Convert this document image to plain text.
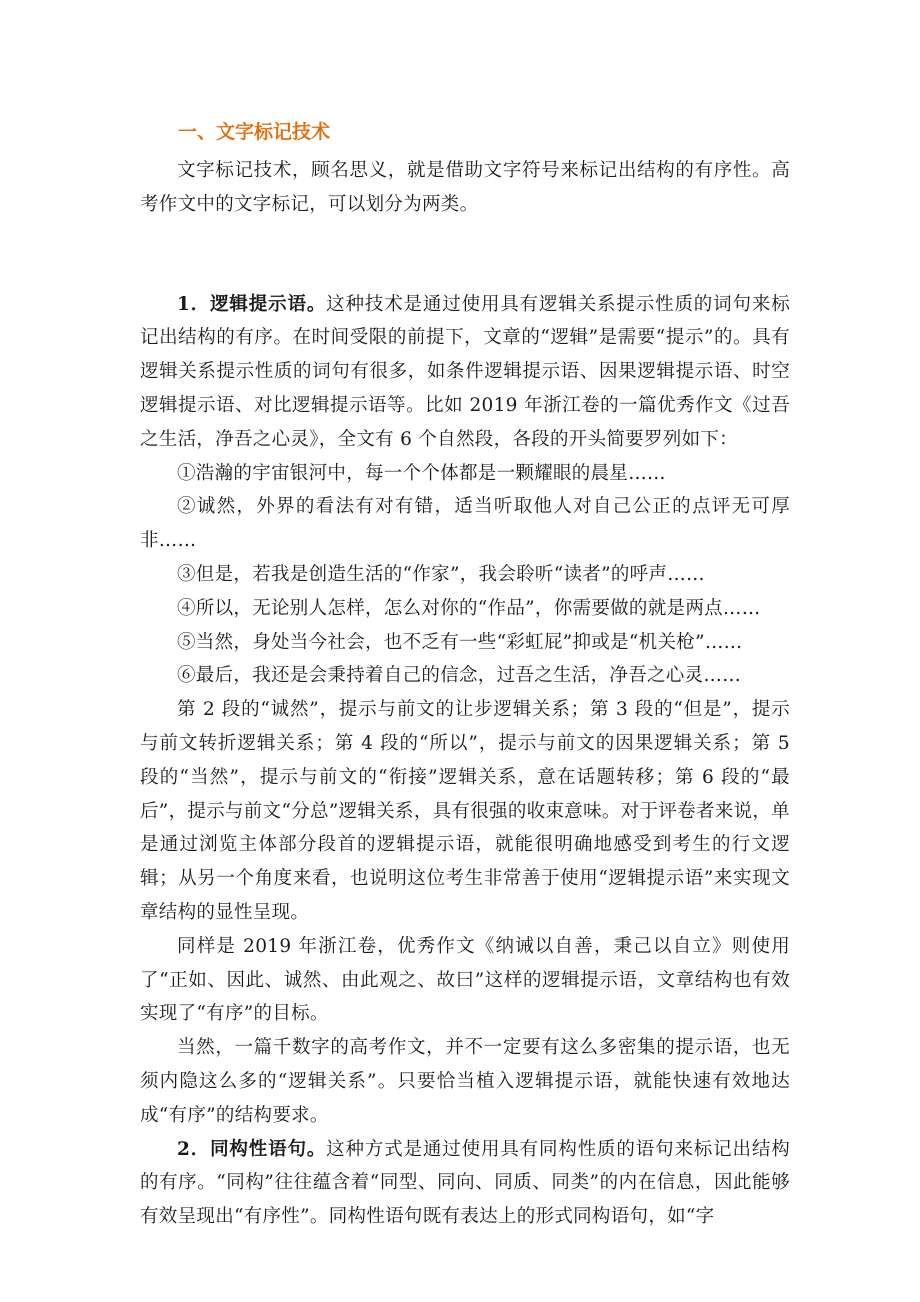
一、文字标记技术

文字标记技术，顾名思义，就是借助文字符号来标记出结构的有序性。高考作文中的文字标记，可以划分为两类。

1．逻辑提示语。这种技术是通过使用具有逻辑关系提示性质的词句来标记出结构的有序。在时间受限的前提下，文章的“逻辑”是需要“提示”的。具有逻辑关系提示性质的词句有很多，如条件逻辑提示语、因果逻辑提示语、时空逻辑提示语、对比逻辑提示语等。比如 2019 年浙江卷的一篇优秀作文《过吾之生活，净吾之心灵》，全文有 6 个自然段，各段的开头简要罗列如下：

①浩瀚的宇宙银河中，每一个个体都是一颗耀眼的晨星……

②诚然，外界的看法有对有错，适当听取他人对自己公正的点评无可厚非……

③但是，若我是创造生活的“作家”，我会聆听“读者”的呼声……

④所以，无论别人怎样，怎么对你的“作品”，你需要做的就是两点……

⑤当然，身处当今社会，也不乏有一些“彩虹屁”抑或是“机关枪”……

⑥最后，我还是会秉持着自己的信念，过吾之生活，净吾之心灵……

第 2 段的“诚然”，提示与前文的让步逻辑关系；第 3 段的“但是”，提示与前文转折逻辑关系；第 4 段的“所以”，提示与前文的因果逻辑关系；第 5 段的“当然”，提示与前文的“衔接”逻辑关系，意在话题转移；第 6 段的“最后”，提示与前文“分总”逻辑关系，具有很强的收束意味。对于评卷者来说，单是通过浏览主体部分段首的逻辑提示语，就能很明确地感受到考生的行文逻辑；从另一个角度来看，也说明这位考生非常善于使用“逻辑提示语”来实现文章结构的显性呈现。

同样是 2019 年浙江卷，优秀作文《纳诫以自善，秉己以自立》则使用了“正如、因此、诚然、由此观之、故曰”这样的逻辑提示语，文章结构也有效实现了“有序”的目标。

当然，一篇千数字的高考作文，并不一定要有这么多密集的提示语，也无须内隐这么多的“逻辑关系”。只要恰当植入逻辑提示语，就能快速有效地达成“有序”的结构要求。

2．同构性语句。这种方式是通过使用具有同构性质的语句来标记出结构的有序。“同构”往往蕴含着“同型、同向、同质、同类”的内在信息，因此能够有效呈现出“有序性”。同构性语句既有表达上的形式同构语句，如“字
